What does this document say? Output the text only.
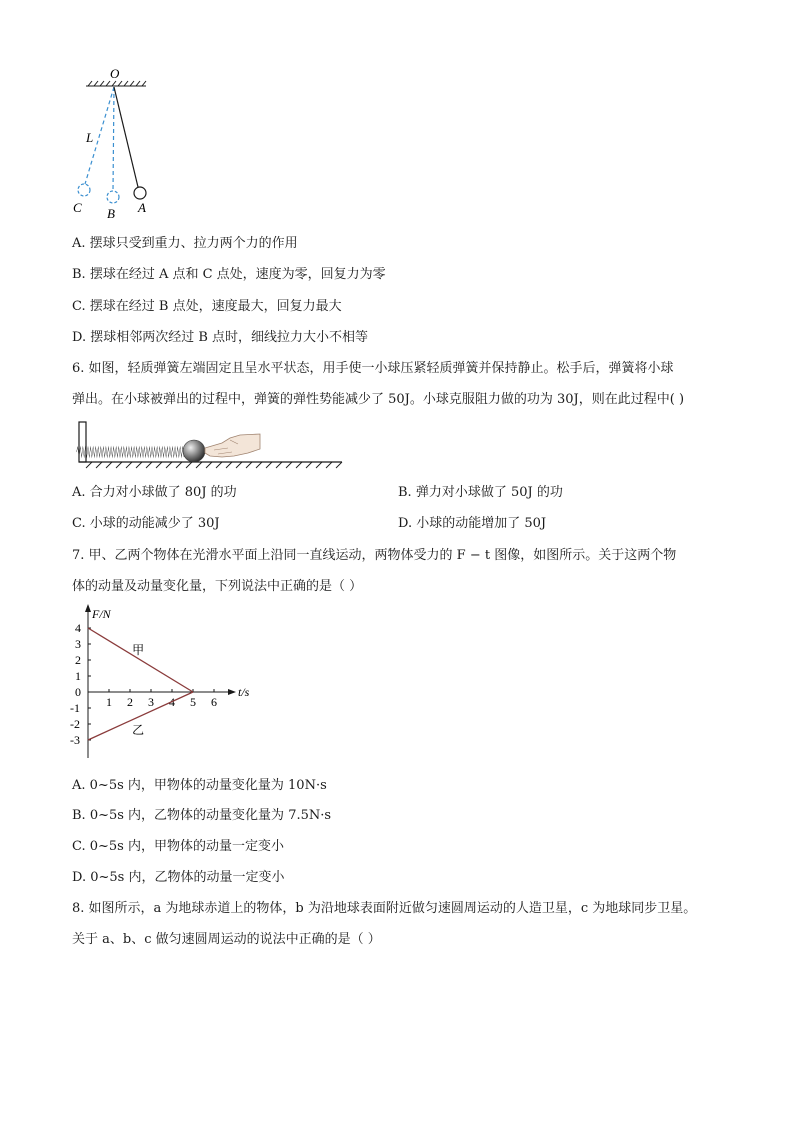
O
L
C B A
A. 摆球只受到重力、拉力两个力的作用
B. 摆球在经过 A 点和 C 点处，速度为零，回复力为零
C. 摆球在经过 B 点处，速度最大，回复力最大
D. 摆球相邻两次经过 B 点时，细线拉力大小不相等
6. 如图，轻质弹簧左端固定且呈水平状态，用手使一小球压紧轻质弹簧并保持静止。松手后，弹簧将小球
弹出。在小球被弹出的过程中，弹簧的弹性势能减少了 50J。小球克服阻力做的功为 30J，则在此过程中( )
A. 合力对小球做了 80J 的功	B. 弹力对小球做了 50J 的功
C. 小球的动能减少了 30J	D. 小球的动能增加了 50J
7. 甲、乙两个物体在光滑水平面上沿同一直线运动，两物体受力的 F − t 图像，如图所示。关于这两个物
体的动量及动量变化量，下列说法中正确的是（ ）
F/N
t/s
1 2 3 4 5 6
4
3
2
1
0
-1
-2
-3
甲
乙
A. 0~5s 内，甲物体的动量变化量为 10N·s
B. 0~5s 内，乙物体的动量变化量为 7.5N·s
C. 0~5s 内，甲物体的动量一定变小
D. 0~5s 内，乙物体的动量一定变小
8. 如图所示，a 为地球赤道上的物体，b 为沿地球表面附近做匀速圆周运动的人造卫星，c 为地球同步卫星。
关于 a、b、c 做匀速圆周运动的说法中正确的是（ ）
